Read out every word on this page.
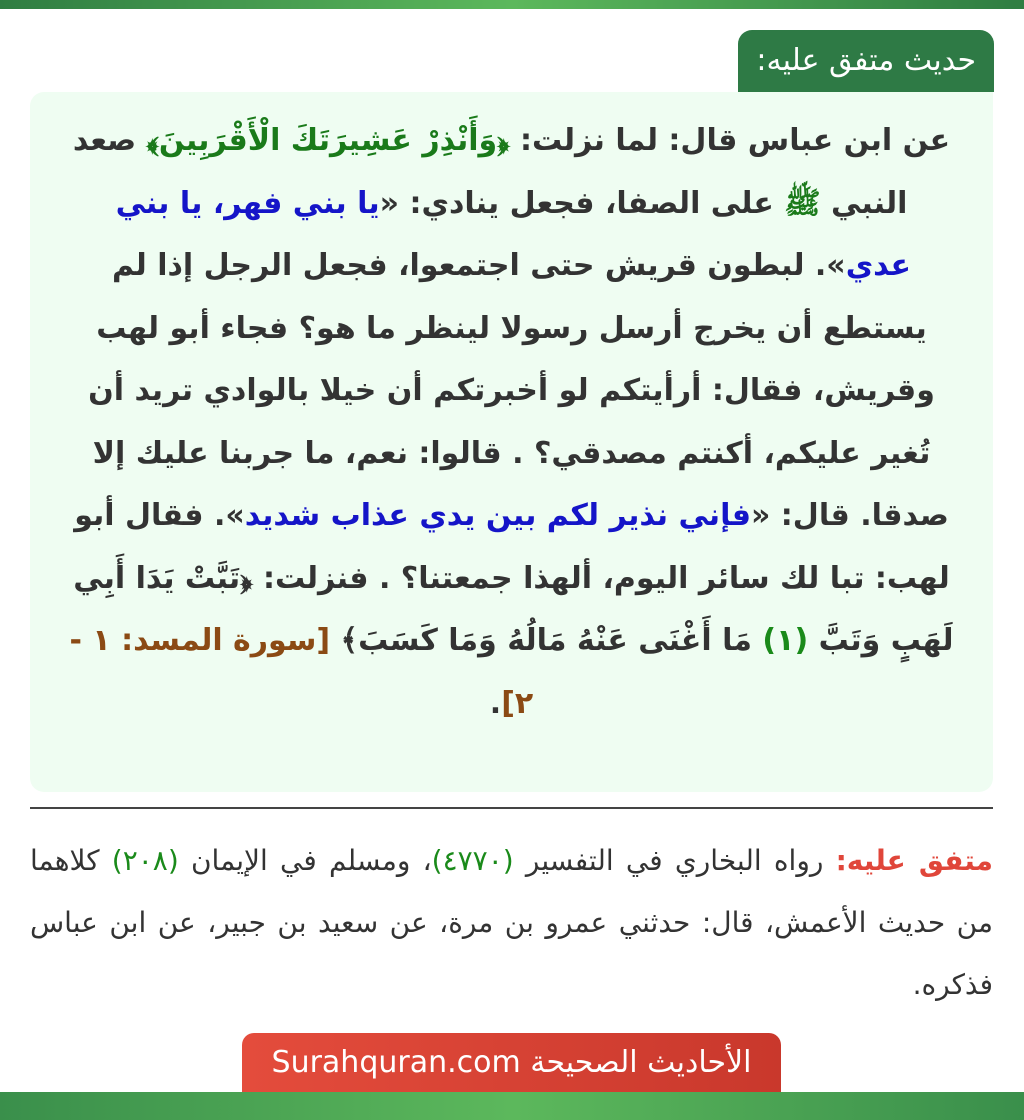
حديث متفق عليه:
عن ابن عباس قال: لما نزلت: ﴿وَأَنْذِرْ عَشِيرَتَكَ الْأَقْرَبِينَ﴾ صعد النبي ﷺ على الصفا، فجعل ينادي: «يا بني فهر، يا بني عدي». لبطون قريش حتى اجتمعوا، فجعل الرجل إذا لم يستطع أن يخرج أرسل رسولا لينظر ما هو؟ فجاء أبو لهب وقريش، فقال: أرأيتكم لو أخبرتكم أن خيلا بالوادي تريد أن تُغير عليكم، أكنتم مصدقي؟ . قالوا: نعم، ما جربنا عليك إلا صدقا. قال: «فإني نذير لكم بين يدي عذاب شديد». فقال أبو لهب: تبا لك سائر اليوم، ألهذا جمعتنا؟ . فنزلت: ﴿تَبَّتْ يَدَا أَبِي لَهَبٍ وَتَبَّ (١) مَا أَغْنَى عَنْهُ مَالُهُ وَمَا كَسَبَ﴾ [سورة المسد: ١ - ٢].
متفق عليه: رواه البخاري في التفسير (٤٧٧٠)، ومسلم في الإيمان (٢٠٨) كلاهما من حديث الأعمش، قال: حدثني عمرو بن مرة، عن سعيد بن جبير، عن ابن عباس فذكره.
الأحاديث الصحيحة Surahquran.com
